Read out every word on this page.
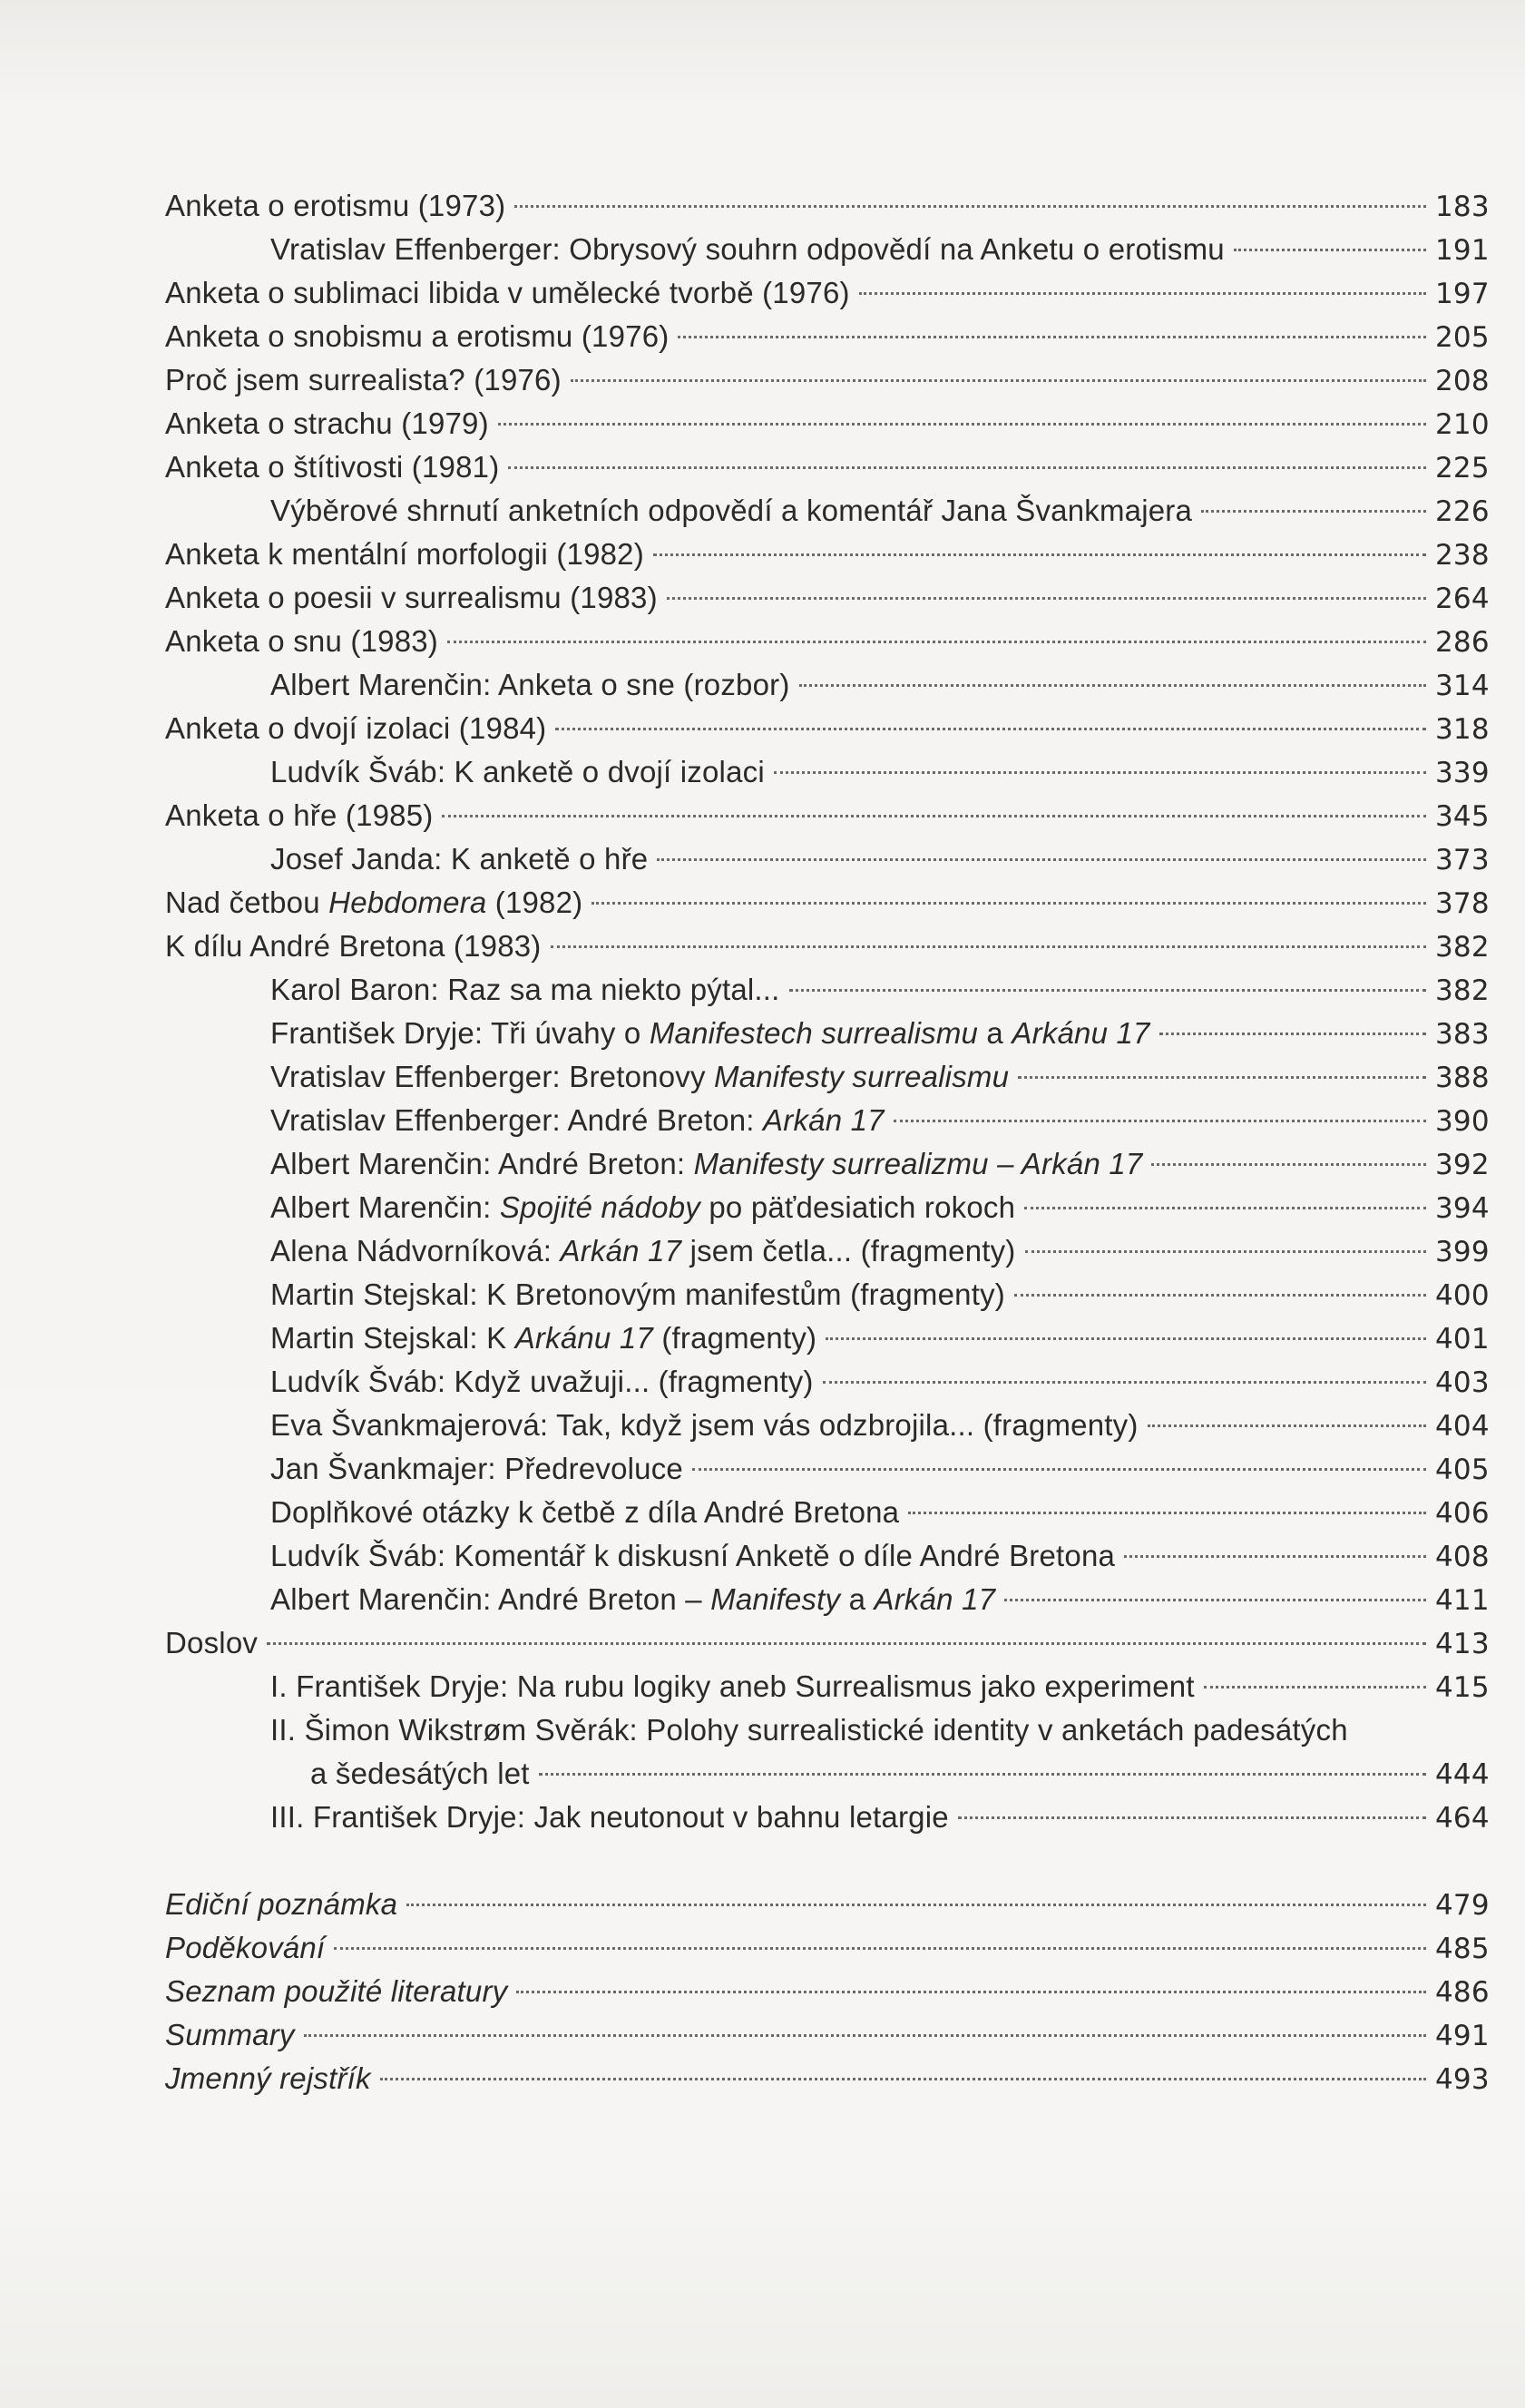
Anketa o erotismu (1973)	183
Vratislav Effenberger: Obrysový souhrn odpovědí na Anketu o erotismu	191
Anketa o sublimaci libida v umělecké tvorbě (1976)	197
Anketa o snobismu a erotismu (1976)	205
Proč jsem surrealista? (1976)	208
Anketa o strachu (1979)	210
Anketa o štítivosti (1981)	225
Výběrové shrnutí anketních odpovědí a komentář Jana Švankmajera	226
Anketa k mentální morfologii (1982)	238
Anketa o poesii v surrealismu (1983)	264
Anketa o snu (1983)	286
Albert Marenčin: Anketa o sne (rozbor)	314
Anketa o dvojí izolaci (1984)	318
Ludvík Šváb: K anketě o dvojí izolaci	339
Anketa o hře (1985)	345
Josef Janda: K anketě o hře	373
Nad četbou Hebdomera (1982)	378
K dílu André Bretona (1983)	382
Karol Baron: Raz sa ma niekto pýtal...	382
František Dryje: Tři úvahy o Manifestech surrealismu a Arkánu 17	383
Vratislav Effenberger: Bretonovy Manifesty surrealismu	388
Vratislav Effenberger: André Breton: Arkán 17	390
Albert Marenčin: André Breton: Manifesty surrealizmu – Arkán 17	392
Albert Marenčin: Spojité nádoby po päťdesiatich rokoch	394
Alena Nádvorníková: Arkán 17 jsem četla... (fragmenty)	399
Martin Stejskal: K Bretonovým manifestům (fragmenty)	400
Martin Stejskal: K Arkánu 17 (fragmenty)	401
Ludvík Šváb: Když uvažuji... (fragmenty)	403
Eva Švankmajerová: Tak, když jsem vás odzbrojila... (fragmenty)	404
Jan Švankmajer: Předrevoluce	405
Doplňkové otázky k četbě z díla André Bretona	406
Ludvík Šváb: Komentář k diskusní Anketě o díle André Bretona	408
Albert Marenčin: André Breton – Manifesty a Arkán 17	411
Doslov	413
I. František Dryje: Na rubu logiky aneb Surrealismus jako experiment	415
II. Šimon Wikstrøm Svěrák: Polohy surrealistické identity v anketách padesátých
a šedesátých let	444
III. František Dryje: Jak neutonout v bahnu letargie	464
Ediční poznámka	479
Poděkování	485
Seznam použité literatury	486
Summary	491
Jmenný rejstřík	493
